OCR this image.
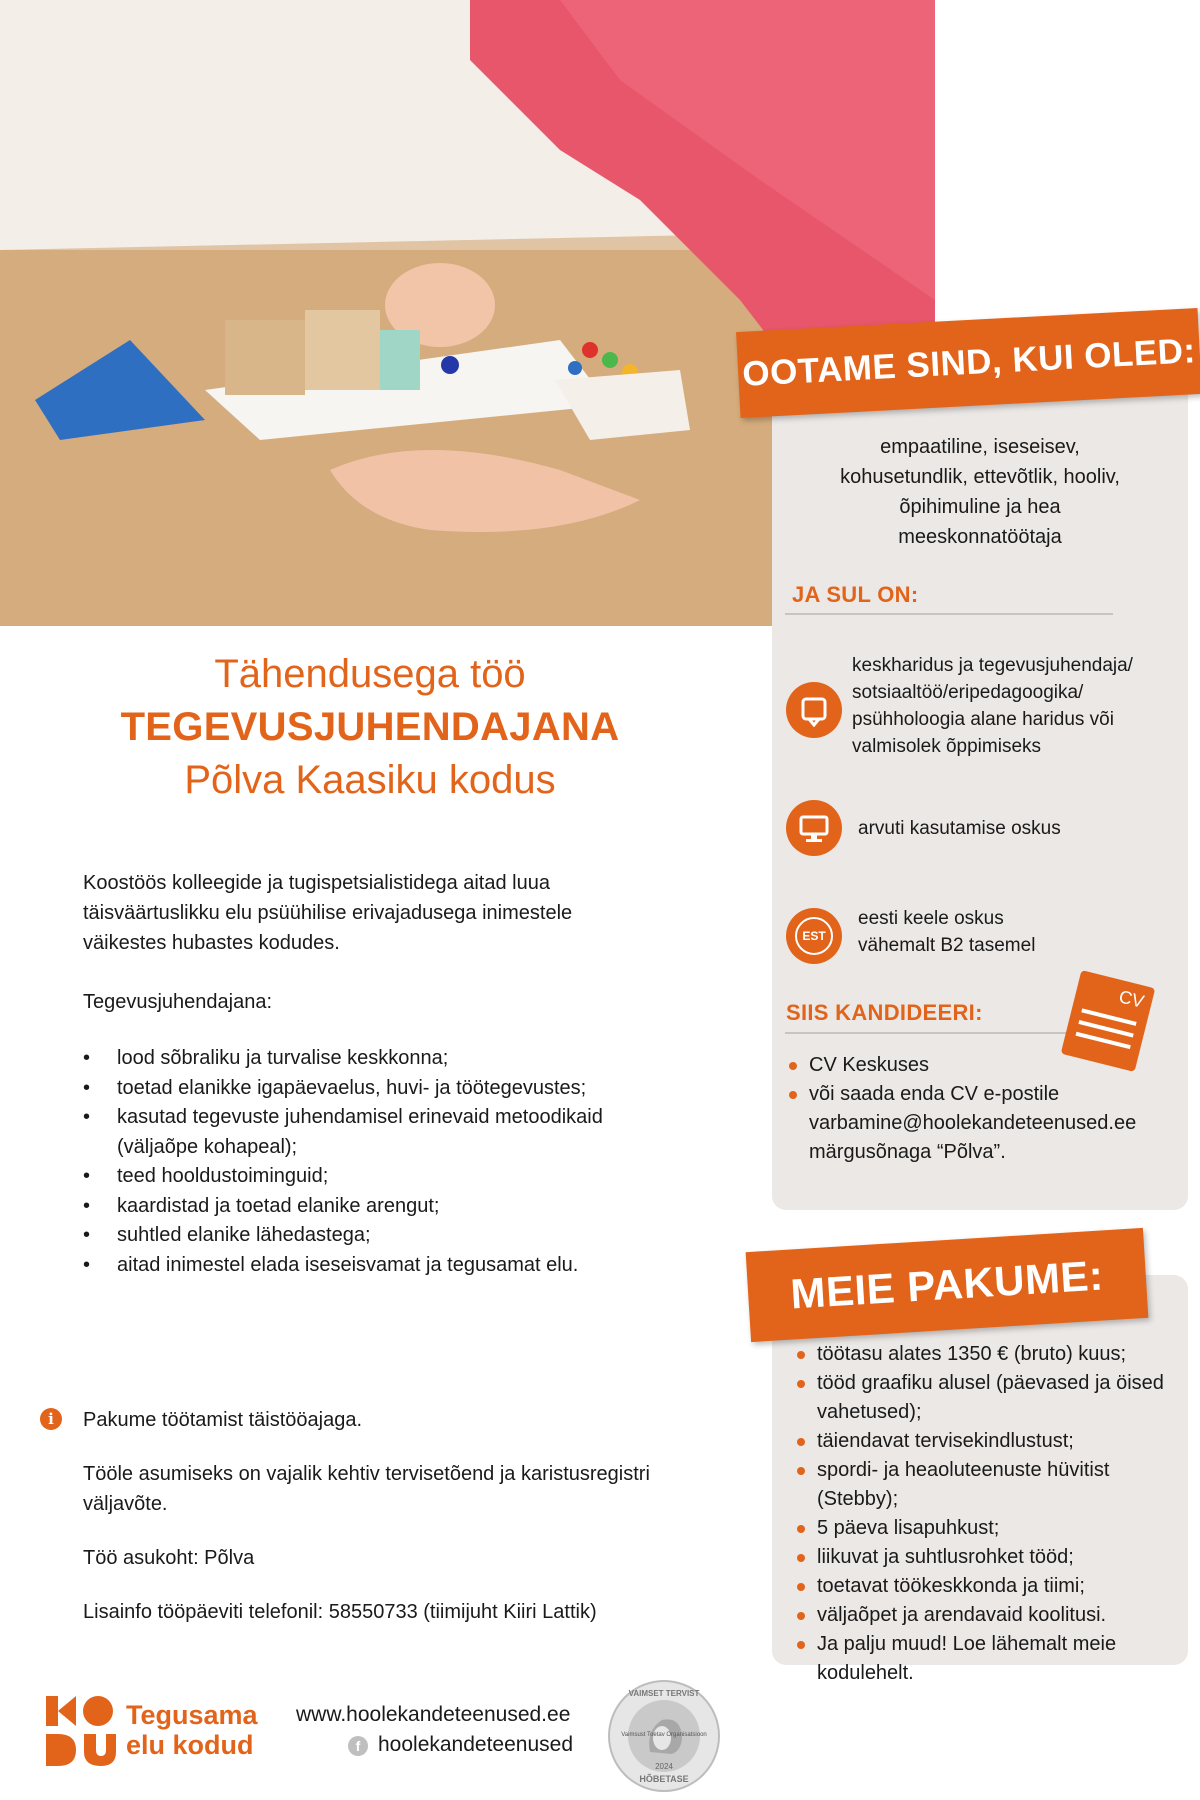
OOTAME SIND, KUI OLED:
empaatiline, iseseisev,
kohusetundlik, ettevõtlik, hooliv,
õpihimuline ja hea
meeskonnatöötaja
JA SUL ON:
keskharidus ja tegevusjuhendaja/
sotsiaaltöö/eripedagoogika/
psühholoogia alane haridus või
valmisolek õppimiseks
arvuti kasutamise oskus
EST
eesti keele oskus
vähemalt B2 tasemel
SIIS KANDIDEERI:
CV
CV Keskuses
või saada enda CV e-postile
varbamine@hoolekandeteenused.ee
märgusõnaga “Põlva”.
MEIE PAKUME:
töötasu alates 1350 € (bruto) kuus;
tööd graafiku alusel (päevased ja öised vahetused);
täiendavat tervisekindlustust;
spordi- ja heaoluteenuste hüvitist (Stebby);
5 päeva lisapuhkust;
liikuvat ja suhtlusrohket tööd;
toetavat töökeskkonda ja tiimi;
väljaõpet ja arendavaid koolitusi.
Ja palju muud! Loe lähemalt meie kodulehelt.
Tähendusega töö
TEGEVUSJUHENDAJANA
Põlva Kaasiku kodus
Koostöös kolleegide ja tugispetsialistidega aitad luua
täisväärtuslikku elu psüühilise erivajadusega inimestele
väikestes hubastes kodudes.
Tegevusjuhendajana:
• lood sõbraliku ja turvalise keskkonna;
• toetad elanikke igapäevaelus, huvi- ja töötegevustes;
• kasutad tegevuste juhendamisel erinevaid metoodikaid
(väljaõpe kohapeal);
• teed hooldustoiminguid;
• kaardistad ja toetad elanike arengut;
• suhtled elanike lähedastega;
• aitad inimestel elada iseseisvamat ja tegusamat elu.
i	Pakume töötamist täistööajaga.
Tööle asumiseks on vajalik kehtiv tervisetõend ja karistusregistri
väljavõte.
Töö asukoht: Põlva
Lisainfo tööpäeviti telefonil: 58550733 (tiimijuht Kiiri Lattik)
Tegusama
elu kodud
www.hoolekandeteenused.ee
f hoolekandeteenused
VAIMSET TERVIST
Vaimsust Toetav Organisatsioon
2024
HÕBETASE
